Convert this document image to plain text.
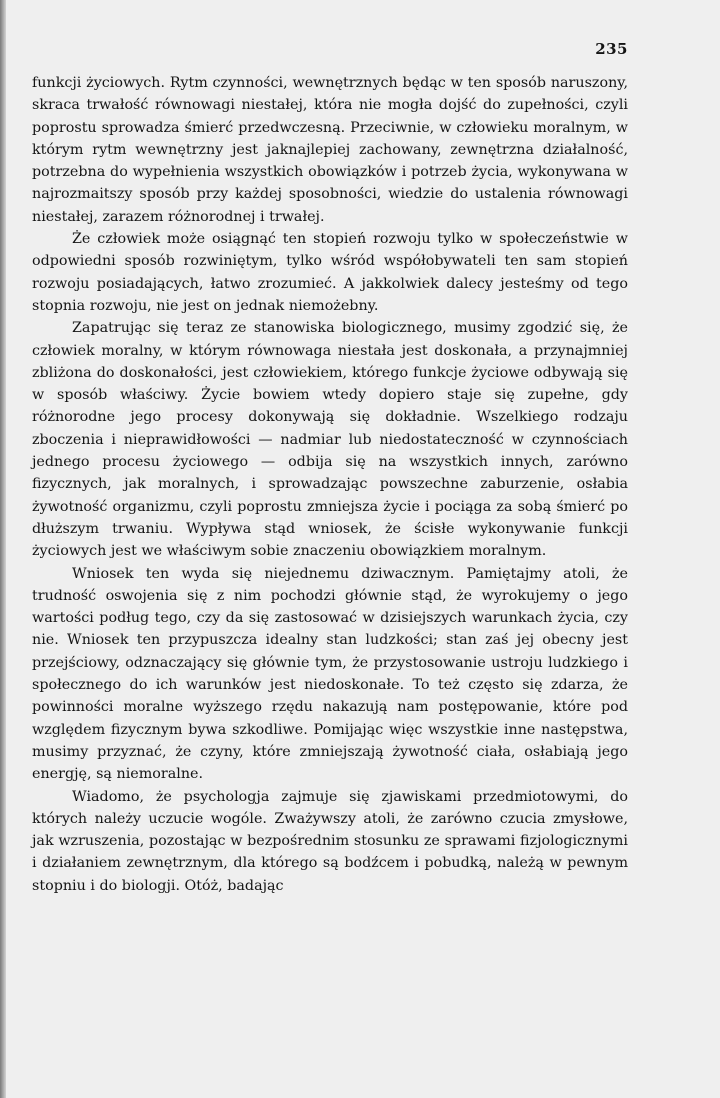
235

funkcji życiowych. Rytm czynności, wewnętrznych będąc w ten sposób naruszony, skraca trwałość równowagi niestałej, która nie mogła dojść do zupełności, czyli poprostu sprowadza śmierć przedwczesną. Przeciwnie, w człowieku moralnym, w którym rytm wewnętrzny jest jaknajlepiej zachowany, zewnętrzna działalność, potrzebna do wypełnienia wszystkich obowiązków i potrzeb życia, wykonywana w najrozmaitszy sposób przy każdej sposobności, wiedzie do ustalenia równowagi niestałej, zarazem różnorodnej i trwałej.

Że człowiek może osiągnąć ten stopień rozwoju tylko w społeczeństwie w odpowiedni sposób rozwiniętym, tylko wśród współobywateli ten sam stopień rozwoju posiadających, łatwo zrozumieć. A jakkolwiek dalecy jesteśmy od tego stopnia rozwoju, nie jest on jednak niemożebny.

Zapatrując się teraz ze stanowiska biologicznego, musimy zgodzić się, że człowiek moralny, w którym równowaga niestała jest doskonała, a przynajmniej zbliżona do doskonałości, jest człowiekiem, którego funkcje życiowe odbywają się w sposób właściwy. Życie bowiem wtedy dopiero staje się zupełne, gdy różnorodne jego procesy dokonywają się dokładnie. Wszelkiego rodzaju zboczenia i nieprawidłowości — nadmiar lub niedostateczność w czynnościach jednego procesu życiowego — odbija się na wszystkich innych, zarówno fizycznych, jak moralnych, i sprowadzając powszechne zaburzenie, osłabia żywotność organizmu, czyli poprostu zmniejsza życie i pociąga za sobą śmierć po dłuższym trwaniu. Wypływa stąd wniosek, że ścisłe wykonywanie funkcji życiowych jest we właściwym sobie znaczeniu obowiązkiem moralnym.

Wniosek ten wyda się niejednemu dziwacznym. Pamiętajmy atoli, że trudność oswojenia się z nim pochodzi głównie stąd, że wyrokujemy o jego wartości podług tego, czy da się zastosować w dzisiejszych warunkach życia, czy nie. Wniosek ten przypuszcza idealny stan ludzkości; stan zaś jej obecny jest przejściowy, odznaczający się głównie tym, że przystosowanie ustroju ludzkiego i społecznego do ich warunków jest niedoskonałe. To też często się zdarza, że powinności moralne wyższego rzędu nakazują nam postępowanie, które pod względem fizycznym bywa szkodliwe. Pomijając więc wszystkie inne następstwa, musimy przyznać, że czyny, które zmniejszają żywotność ciała, osłabiają jego energję, są niemoralne.

Wiadomo, że psychologja zajmuje się zjawiskami przedmiotowymi, do których należy uczucie wogóle. Zważywszy atoli, że zarówno czucia zmysłowe, jak wzruszenia, pozostając w bezpośrednim stosunku ze sprawami fizjologicznymi i działaniem zewnętrznym, dla którego są bodźcem i pobudką, należą w pewnym stopniu i do biologji. Otóż, badając
